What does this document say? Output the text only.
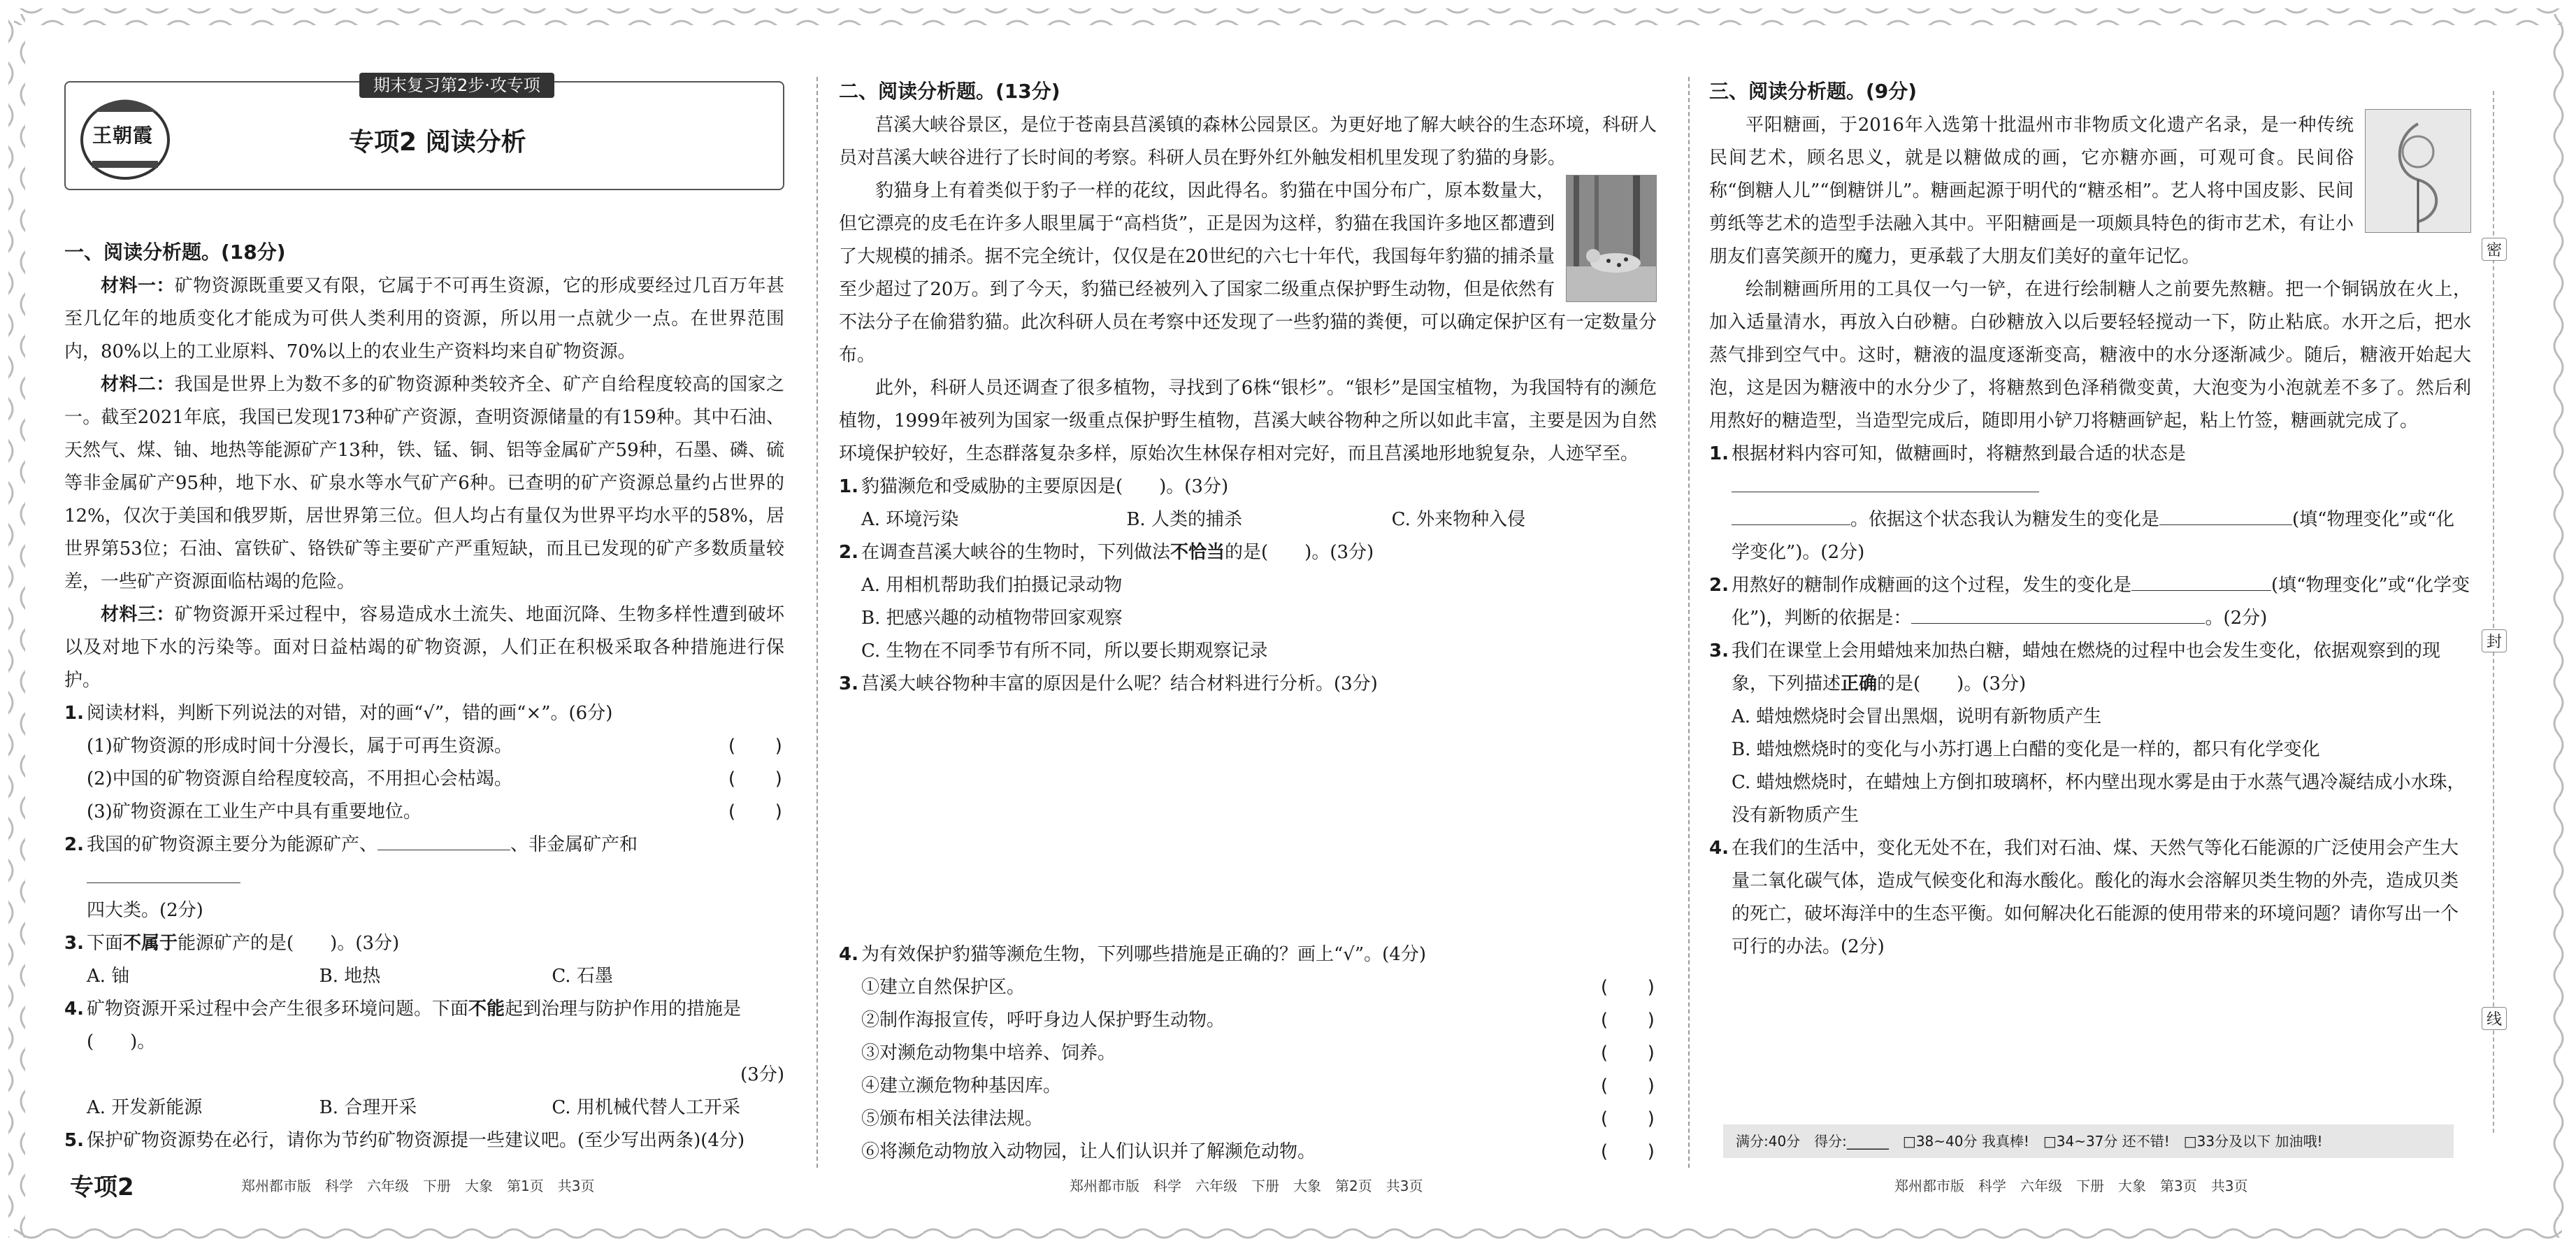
王朝霞
期末复习第2步·攻专项
专项2 阅读分析

一、阅读分析题。(18分)

材料一：矿物资源既重要又有限，它属于不可再生资源，它的形成要经过几百万年甚至几亿年的地质变化才能成为可供人类利用的资源，所以用一点就少一点。在世界范围内，80%以上的工业原料、70%以上的农业生产资料均来自矿物资源。

材料二：我国是世界上为数不多的矿物资源种类较齐全、矿产自给程度较高的国家之一。截至2021年底，我国已发现173种矿产资源，查明资源储量的有159种。其中石油、天然气、煤、铀、地热等能源矿产13种，铁、锰、铜、铝等金属矿产59种，石墨、磷、硫等非金属矿产95种，地下水、矿泉水等水气矿产6种。已查明的矿产资源总量约占世界的12%，仅次于美国和俄罗斯，居世界第三位。但人均占有量仅为世界平均水平的58%，居世界第53位；石油、富铁矿、铬铁矿等主要矿产严重短缺，而且已发现的矿产多数质量较差，一些矿产资源面临枯竭的危险。

材料三：矿物资源开采过程中，容易造成水土流失、地面沉降、生物多样性遭到破坏以及对地下水的污染等。面对日益枯竭的矿物资源，人们正在积极采取各种措施进行保护。

1. 阅读材料，判断下列说法的对错，对的画“√”，错的画“×”。(6分)
(1)矿物资源的形成时间十分漫长，属于可再生资源。	(　　)
(2)中国的矿物资源自给程度较高，不用担心会枯竭。	(　　)
(3)矿物资源在工业生产中具有重要地位。	(　　)
2. 我国的矿物资源主要分为能源矿产、	、非金属矿产和
四大类。(2分)
3. 下面不属于能源矿产的是(　　)。(3分)
A. 铀	B. 地热	C. 石墨
4. 矿物资源开采过程中会产生很多环境问题。下面不能起到治理与防护作用的措施是(　　)。

(3分)
A. 开发新能源	B. 合理开采	C. 用机械代替人工开采
5. 保护矿物资源势在必行，请你为节约矿物资源提一些建议吧。(至少写出两条)(4分)
专项2	郑州都市版　科学　六年级　下册　大象　第1页　共3页

二、阅读分析题。(13分)

莒溪大峡谷景区，是位于苍南县莒溪镇的森林公园景区。为更好地了解大峡谷的生态环境，科研人员对莒溪大峡谷进行了长时间的考察。科研人员在野外红外触发相机里发现了豹猫的身影。

豹猫身上有着类似于豹子一样的花纹，因此得名。豹猫在中国分布广，原本数量大，但它漂亮的皮毛在许多人眼里属于“高档货”，正是因为这样，豹猫在我国许多地区都遭到了大规模的捕杀。据不完全统计，仅仅是在20世纪的六七十年代，我国每年豹猫的捕杀量至少超过了20万。到了今天，豹猫已经被列入了国家二级重点保护野生动物，但是依然有不法分子在偷猎豹猫。此次科研人员在考察中还发现了一些豹猫的粪便，可以确定保护区有一定数量分布。

此外，科研人员还调查了很多植物，寻找到了6株“银杉”。“银杉”是国宝植物，为我国特有的濒危植物，1999年被列为国家一级重点保护野生植物，莒溪大峡谷物种之所以如此丰富，主要是因为自然环境保护较好，生态群落复杂多样，原始次生林保存相对完好，而且莒溪地形地貌复杂，人迹罕至。

1. 豹猫濒危和受威胁的主要原因是(　　)。(3分)
A. 环境污染	B. 人类的捕杀	C. 外来物种入侵
2. 在调查莒溪大峡谷的生物时，下列做法不恰当的是(　　)。(3分)
A. 用相机帮助我们拍摄记录动物
B. 把感兴趣的动植物带回家观察
C. 生物在不同季节有所不同，所以要长期观察记录
3. 莒溪大峡谷物种丰富的原因是什么呢？结合材料进行分析。(3分)
4. 为有效保护豹猫等濒危生物，下列哪些措施是正确的？画上“√”。(4分)
①建立自然保护区。	(　　)
②制作海报宣传，呼吁身边人保护野生动物。	(　　)
③对濒危动物集中培养、饲养。	(　　)
④建立濒危物种基因库。	(　　)
⑤颁布相关法律法规。	(　　)
⑥将濒危动物放入动物园，让人们认识并了解濒危动物。	(　　)
郑州都市版　科学　六年级　下册　大象　第2页　共3页

三、阅读分析题。(9分)

平阳糖画，于2016年入选第十批温州市非物质文化遗产名录，是一种传统民间艺术，顾名思义，就是以糖做成的画，它亦糖亦画，可观可食。民间俗称“倒糖人儿”“倒糖饼儿”。糖画起源于明代的“糖丞相”。艺人将中国皮影、民间剪纸等艺术的造型手法融入其中。平阳糖画是一项颇具特色的街市艺术，有让小朋友们喜笑颜开的魔力，更承载了大朋友们美好的童年记忆。

绘制糖画所用的工具仅一勺一铲，在进行绘制糖人之前要先熬糖。把一个铜锅放在火上，加入适量清水，再放入白砂糖。白砂糖放入以后要轻轻搅动一下，防止粘底。水开之后，把水蒸气排到空气中。这时，糖液的温度逐渐变高，糖液中的水分逐渐减少。随后，糖液开始起大泡，这是因为糖液中的水分少了，将糖熬到色泽稍微变黄，大泡变为小泡就差不多了。然后利用熬好的糖造型，当造型完成后，随即用小铲刀将糖画铲起，粘上竹签，糖画就完成了。

1. 根据材料内容可知，做糖画时，将糖熬到最合适的状态是
。依据这个状态我认为糖发生的变化是	(填“物理变化”或“化学变化”)。(2分)
2. 用熬好的糖制作成糖画的这个过程，发生的变化是	(填“物理变化”或“化学变化”)，判断的依据是：	。(2分)
3. 我们在课堂上会用蜡烛来加热白糖，蜡烛在燃烧的过程中也会发生变化，依据观察到的现象，下列描述正确的是(　　)。(3分)
A. 蜡烛燃烧时会冒出黑烟，说明有新物质产生
B. 蜡烛燃烧时的变化与小苏打遇上白醋的变化是一样的，都只有化学变化
C. 蜡烛燃烧时，在蜡烛上方倒扣玻璃杯，杯内壁出现水雾是由于水蒸气遇冷凝结成小水珠，没有新物质产生
4. 在我们的生活中，变化无处不在，我们对石油、煤、天然气等化石能源的广泛使用会产生大量二氧化碳气体，造成气候变化和海水酸化。酸化的海水会溶解贝类生物的外壳，造成贝类的死亡，破坏海洋中的生态平衡。如何解决化石能源的使用带来的环境问题？请你写出一个可行的办法。(2分)
满分:40分　得分:______　□38~40分 我真棒!　□34~37分 还不错!　□33分及以下 加油哦!
郑州都市版　科学　六年级　下册　大象　第3页　共3页
密
封
线
